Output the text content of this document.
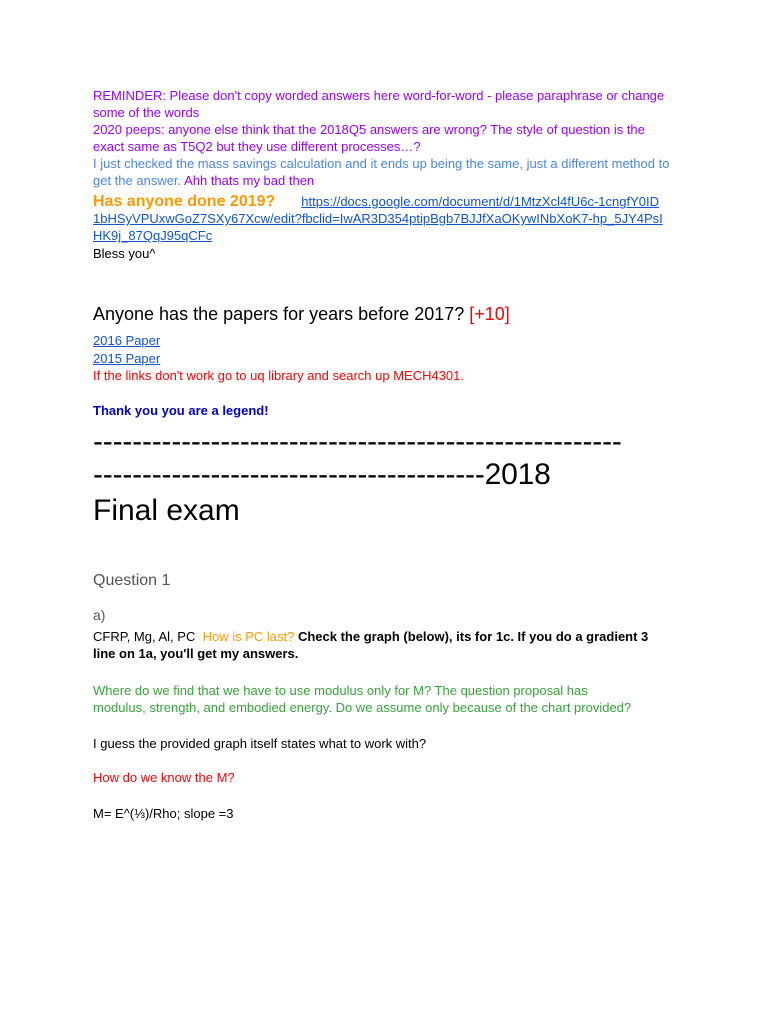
REMINDER: Please don't copy worded answers here word-for-word - please paraphrase or change some of the words
2020 peeps: anyone else think that the 2018Q5 answers are wrong? The style of question is the exact same as T5Q2 but they use different processes…?
I just checked the mass savings calculation and it ends up being the same, just a different method to get the answer. Ahh thats my bad then
Has anyone done 2019? https://docs.google.com/document/d/1MtzXcl4fU6c-1cngfY0ID1bHSyVPUxwGoZ7SXy67Xcw/edit?fbclid=IwAR3D354ptipBgb7BJJfXaOKywINbXoK7-hp_5JY4PsIHK9j_87QqJ95qCFc
Bless you^
Anyone has the papers for years before 2017? [+10]
2016 Paper
2015 Paper
If the links don't work go to uq library and search up MECH4301.
Thank you you are a legend!
------------------------------------------------------
----------------------------------------2018
Final exam
Question 1
a)
CFRP, Mg, Al, PC How is PC last? Check the graph (below), its for 1c. If you do a gradient 3 line on 1a, you'll get my answers.
Where do we find that we have to use modulus only for M? The question proposal has modulus, strength, and embodied energy. Do we assume only because of the chart provided?
I guess the provided graph itself states what to work with?
How do we know the M?
M= E^(⅓)/Rho; slope =3
